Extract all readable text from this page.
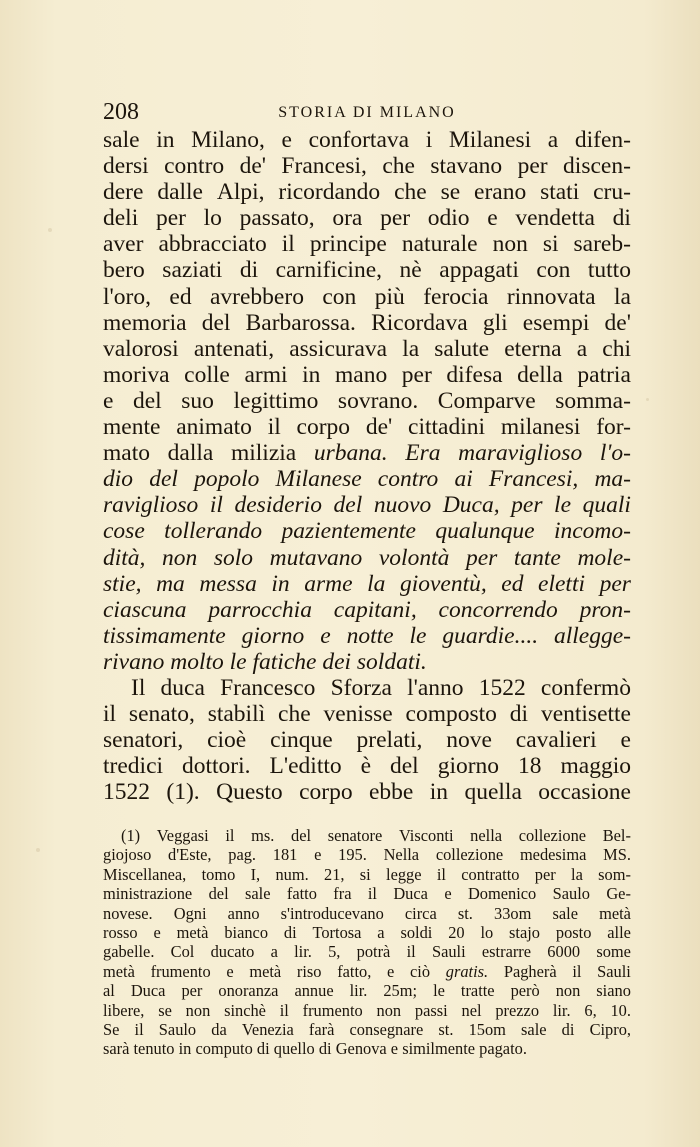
208	STORIA DI MILANO
sale in Milano, e confortava i Milanesi a difen-
dersi contro de' Francesi, che stavano per discen-
dere dalle Alpi, ricordando che se erano stati cru-
deli per lo passato, ora per odio e vendetta di
aver abbracciato il principe naturale non si sareb-
bero saziati di carnificine, nè appagati con tutto
l'oro, ed avrebbero con più ferocia rinnovata la
memoria del Barbarossa. Ricordava gli esempi de'
valorosi antenati, assicurava la salute eterna a chi
moriva colle armi in mano per difesa della patria
e del suo legittimo sovrano. Comparve somma-
mente animato il corpo de' cittadini milanesi for-
mato dalla milizia urbana. Era maraviglioso l'o-
dio del popolo Milanese contro ai Francesi, ma-
raviglioso il desiderio del nuovo Duca, per le quali
cose tollerando pazientemente qualunque incomo-
dità, non solo mutavano volontà per tante mole-
stie, ma messa in arme la gioventù, ed eletti per
ciascuna parrocchia capitani, concorrendo pron-
tissimamente giorno e notte le guardie.... allegge-
rivano
molto
le
fatiche
dei
soldati.
Il duca Francesco Sforza l'anno 1522 confermò
il senato, stabilì che venisse composto di ventisette
senatori, cioè cinque prelati, nove cavalieri e
tredici dottori. L'editto è del giorno 18 maggio
1522 (1). Questo corpo ebbe in quella occasione
(1) Veggasi il ms. del senatore Visconti nella collezione Bel-
giojoso d'Este, pag. 181 e 195. Nella collezione medesima MS.
Miscellanea, tomo I, num. 21, si legge il contratto per la som-
ministrazione del sale fatto fra il Duca e Domenico Saulo Ge-
novese. Ogni anno s'introducevano circa st. 33om sale metà
rosso e metà bianco di Tortosa a soldi 20 lo stajo posto alle
gabelle. Col ducato a lir. 5, potrà il Sauli estrarre 6000 some
metà frumento e metà riso fatto, e ciò gratis. Pagherà il Sauli
al Duca per onoranza annue lir. 25m; le tratte però non siano
libere, se non sinchè il frumento non passi nel prezzo lir. 6, 10.
Se il Saulo da Venezia farà consegnare st. 15om sale di Cipro,
sarà
tenuto
in
computo
di
quello
di
Genova
e
similmente
pagato.
